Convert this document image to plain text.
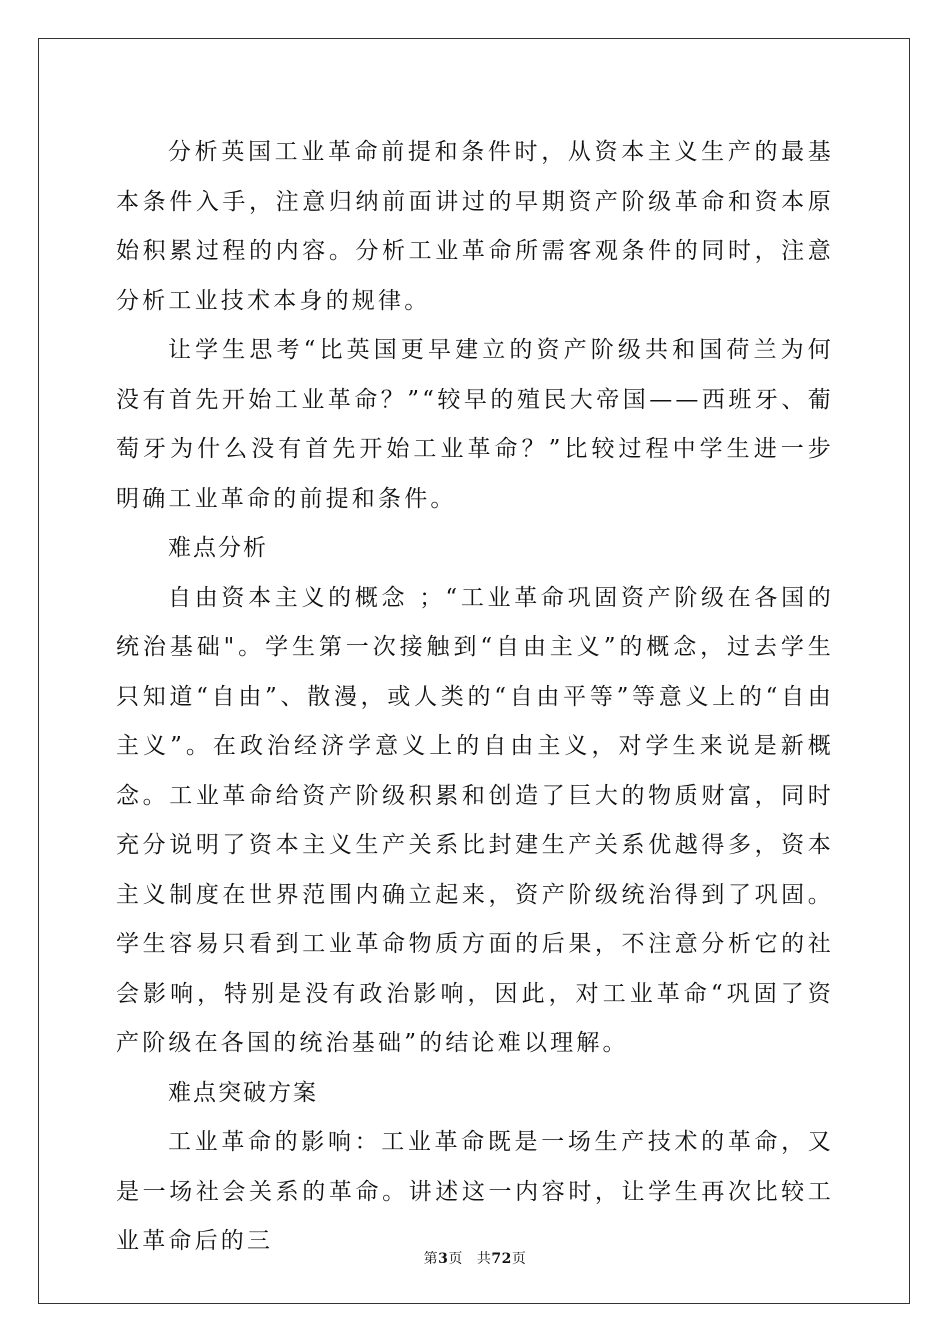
分析英国工业革命前提和条件时，从资本主义生产的最基本条件入手，注意归纳前面讲过的早期资产阶级革命和资本原始积累过程的内容。分析工业革命所需客观条件的同时，注意分析工业技术本身的规律。

让学生思考“比英国更早建立的资产阶级共和国荷兰为何没有首先开始工业革命？”“较早的殖民大帝国——西班牙、葡萄牙为什么没有首先开始工业革命？”比较过程中学生进一步明确工业革命的前提和条件。

难点分析

自由资本主义的概念 ；“工业革命巩固资产阶级在各国的统治基础"。学生第一次接触到“自由主义”的概念，过去学生只知道“自由”、散漫，或人类的“自由平等”等意义上的“自由主义”。在政治经济学意义上的自由主义，对学生来说是新概念。工业革命给资产阶级积累和创造了巨大的物质财富，同时充分说明了资本主义生产关系比封建生产关系优越得多，资本主义制度在世界范围内确立起来，资产阶级统治得到了巩固。学生容易只看到工业革命物质方面的后果，不注意分析它的社会影响，特别是没有政治影响，因此，对工业革命“巩固了资产阶级在各国的统治基础”的结论难以理解。

难点突破方案

工业革命的影响：工业革命既是一场生产技术的革命，又是一场社会关系的革命。讲述这一内容时，让学生再次比较工业革命后的三

第3页 共72页
